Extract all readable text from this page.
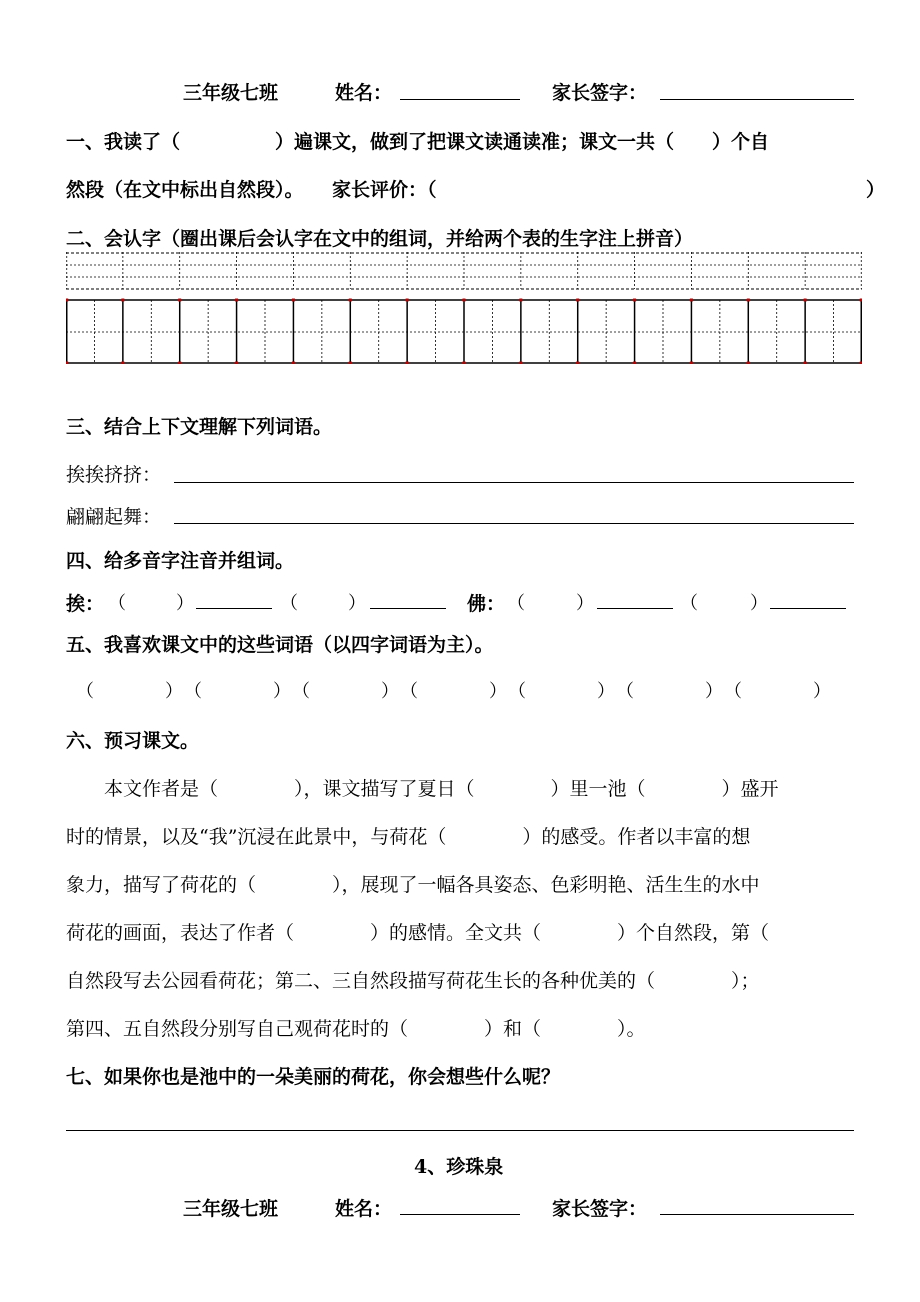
三年级七班	姓名：	家长签字：
一、我读了（　　　　　）遍课文，做到了把课文读通读准；课文一共（　　）个自
然段（在文中标出自然段）。　　家长评价：（	）
二、会认字（圈出课后会认字在文中的组词，并给两个表的生字注上拼音）
三、结合上下文理解下列词语。
挨挨挤挤：
翩翩起舞：
四、给多音字注音并组词。
挨： （	）	（	）	佛： （	）	（	）
五、我喜欢课文中的这些词语（以四字词语为主）。
（	） （	） （	） （	） （	） （	） （	）
六、预习课文。
　　本文作者是（　　　　），课文描写了夏日（　　　　）里一池（　　　　）盛开
时的情景，以及“我”沉浸在此景中，与荷花（　　　　）的感受。作者以丰富的想
象力，描写了荷花的（　　　　），展现了一幅各具姿态、色彩明艳、活生生的水中
荷花的画面，表达了作者（　　　　）的感情。全文共（　　　　）个自然段，第（
自然段写去公园看荷花；第二、三自然段描写荷花生长的各种优美的（　　　　）；
第四、五自然段分别写自己观荷花时的（　　　　）和（　　　　）。
七、如果你也是池中的一朵美丽的荷花，你会想些什么呢？
4、珍珠泉
三年级七班	姓名：	家长签字：
